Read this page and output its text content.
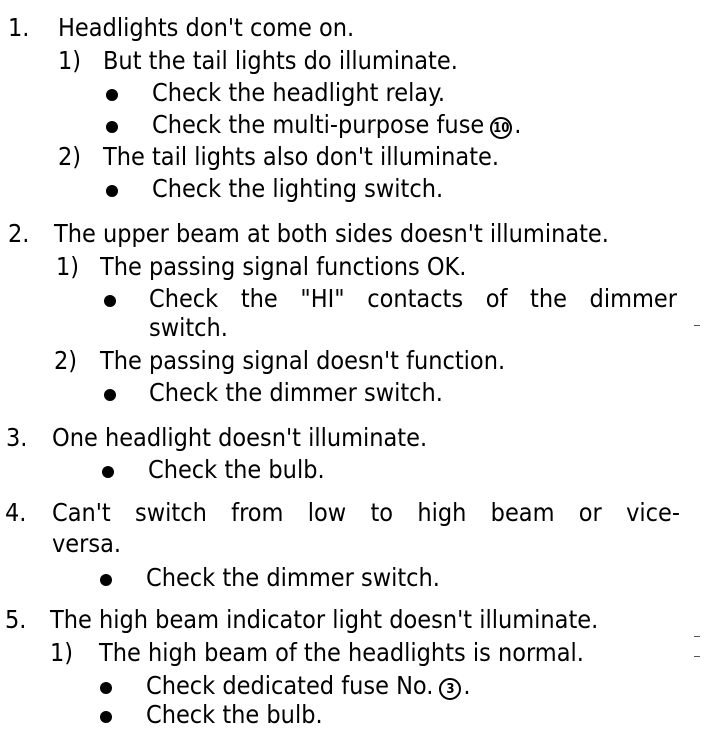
1. Headlights don't come on.
1) But the tail lights do illuminate.
Check the headlight relay.
Check the multi-purpose fuse 10 .
2) The tail lights also don't illuminate.
Check the lighting switch.
2. The upper beam at both sides doesn't illuminate.
1) The passing signal functions OK.
Check the "HI" contacts of the dimmer
switch.
2) The passing signal doesn't function.
Check the dimmer switch.
3. One headlight doesn't illuminate.
Check the bulb.
4. Can't switch from low to high beam or vice-
versa.
Check the dimmer switch.
5. The high beam indicator light doesn't illuminate.
1) The high beam of the headlights is normal.
Check dedicated fuse No. 3 .
Check the bulb.
